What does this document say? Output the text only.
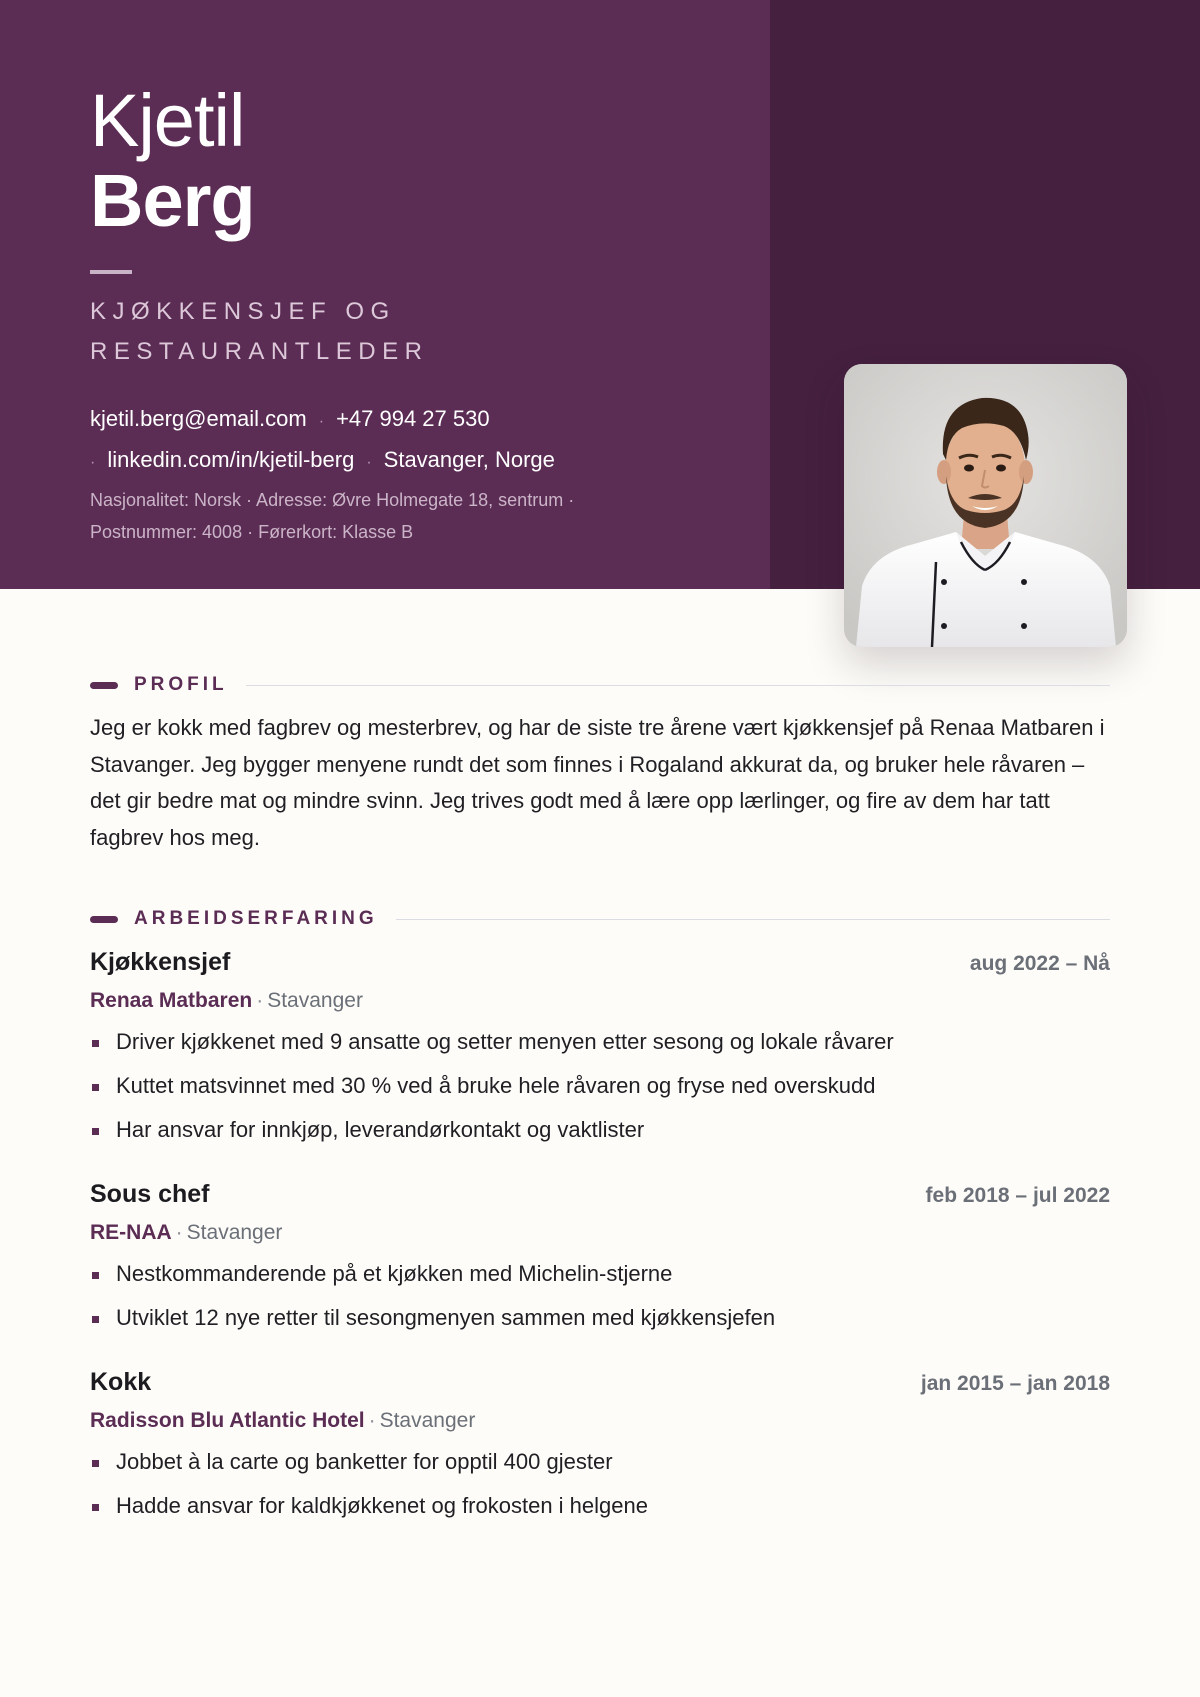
Kjetil
Berg
KJØKKENSJEF OG RESTAURANTLEDER
kjetil.berg@email.com · +47 994 27 530
· linkedin.com/in/kjetil-berg · Stavanger, Norge
Nasjonalitet: Norsk · Adresse: Øvre Holmegate 18, sentrum ·
Postnummer: 4008 · Førerkort: Klasse B
PROFIL
Jeg er kokk med fagbrev og mesterbrev, og har de siste tre årene vært kjøkkensjef på Renaa Matbaren i Stavanger. Jeg bygger menyene rundt det som finnes i Rogaland akkurat da, og bruker hele råvaren – det gir bedre mat og mindre svinn. Jeg trives godt med å lære opp lærlinger, og fire av dem har tatt fagbrev hos meg.
ARBEIDSERFARING
Kjøkkensjef	aug 2022 – Nå
Renaa Matbaren · Stavanger
Driver kjøkkenet med 9 ansatte og setter menyen etter sesong og lokale råvarer
Kuttet matsvinnet med 30 % ved å bruke hele råvaren og fryse ned overskudd
Har ansvar for innkjøp, leverandørkontakt og vaktlister
Sous chef	feb 2018 – jul 2022
RE-NAA · Stavanger
Nestkommanderende på et kjøkken med Michelin-stjerne
Utviklet 12 nye retter til sesongmenyen sammen med kjøkkensjefen
Kokk	jan 2015 – jan 2018
Radisson Blu Atlantic Hotel · Stavanger
Jobbet à la carte og banketter for opptil 400 gjester
Hadde ansvar for kaldkjøkkenet og frokosten i helgene
